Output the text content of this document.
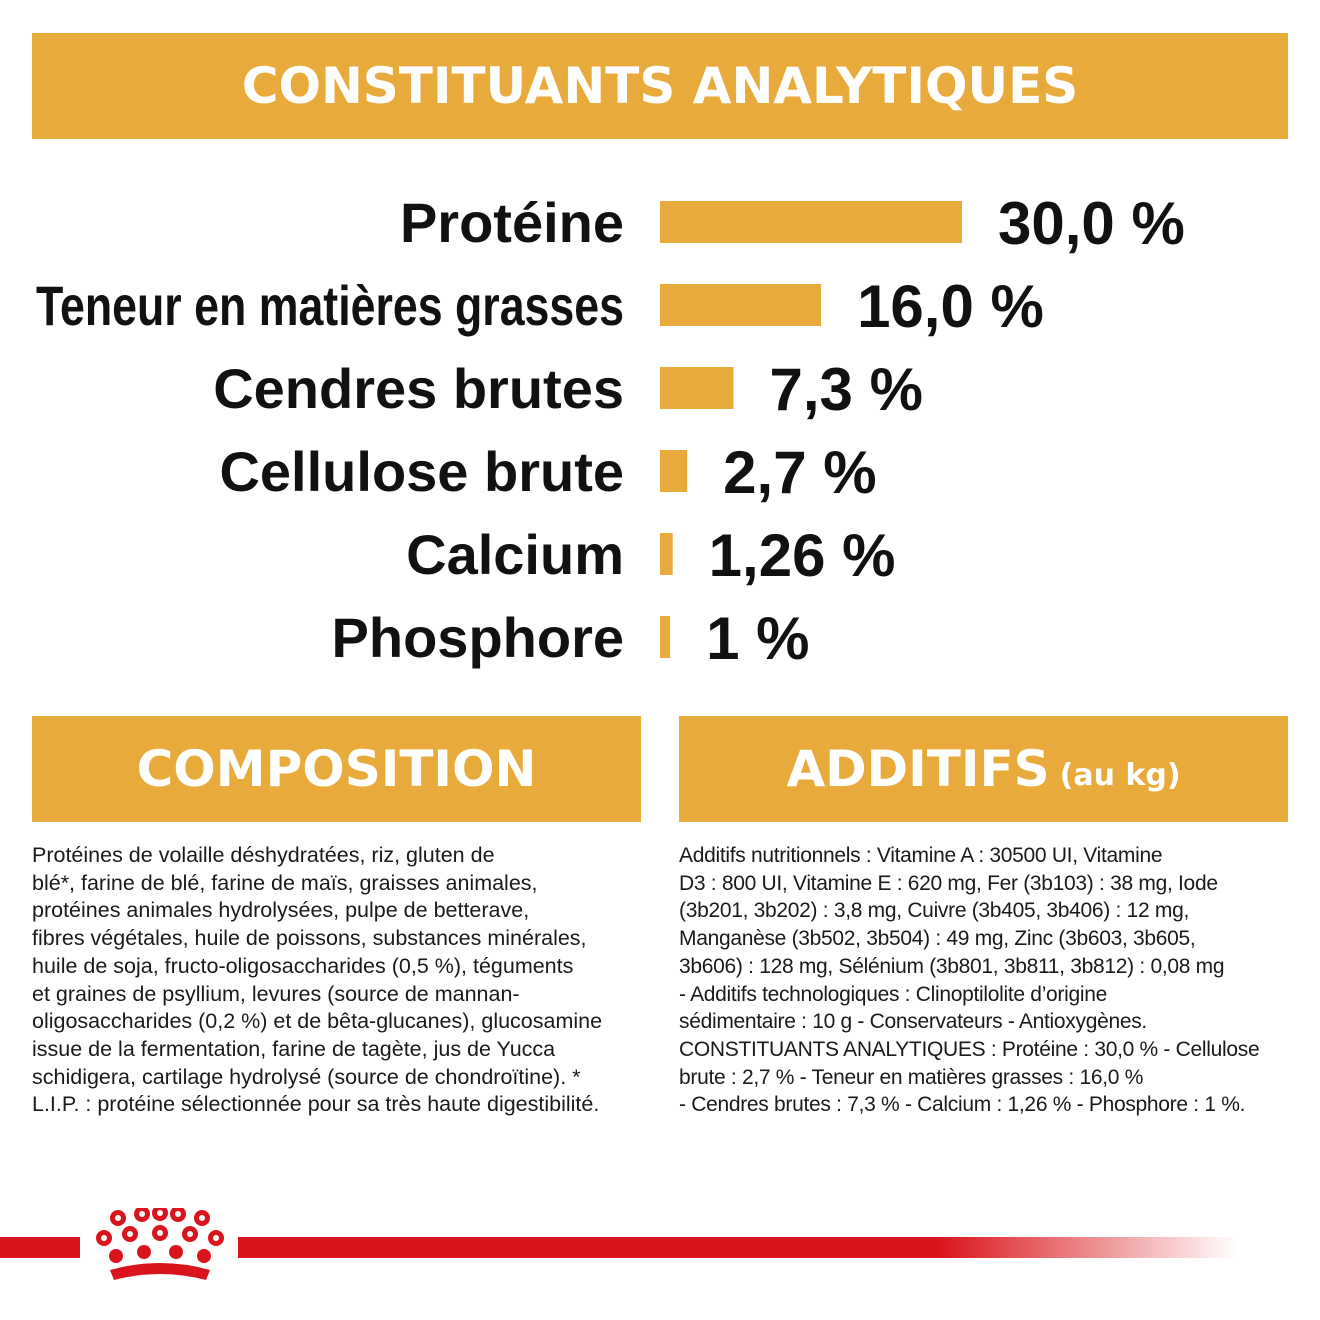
CONSTITUANTS ANALYTIQUES
Protéine	30,0 %
Teneur en matières grasses	16,0 %
Cendres brutes 7,3 %
Cellulose brute 2,7 %
Calcium 1,26 %
Phosphore 1 %
COMPOSITION	ADDITIFS (au kg)
Protéines de volaille déshydratées, riz, gluten de
blé*, farine de blé, farine de maïs, graisses animales,
protéines animales hydrolysées, pulpe de betterave,
fibres végétales, huile de poissons, substances minérales,
huile de soja, fructo-oligosaccharides (0,5 %), téguments
et graines de psyllium, levures (source de mannan-
oligosaccharides (0,2 %) et de bêta-glucanes), glucosamine
issue de la fermentation, farine de tagète, jus de Yucca
schidigera, cartilage hydrolysé (source de chondroïtine). *
L.I.P. : protéine sélectionnée pour sa très haute digestibilité.
Additifs nutritionnels : Vitamine A : 30500 UI, Vitamine
D3 : 800 UI, Vitamine E : 620 mg, Fer (3b103) : 38 mg, Iode
(3b201, 3b202) : 3,8 mg, Cuivre (3b405, 3b406) : 12 mg,
Manganèse (3b502, 3b504) : 49 mg, Zinc (3b603, 3b605,
3b606) : 128 mg, Sélénium (3b801, 3b811, 3b812) : 0,08 mg
- Additifs technologiques : Clinoptilolite d’origine
sédimentaire : 10 g - Conservateurs - Antioxygènes.
CONSTITUANTS ANALYTIQUES : Protéine : 30,0 % - Cellulose
brute : 2,7 % - Teneur en matières grasses : 16,0 %
- Cendres brutes : 7,3 % - Calcium : 1,26 % - Phosphore : 1 %.
